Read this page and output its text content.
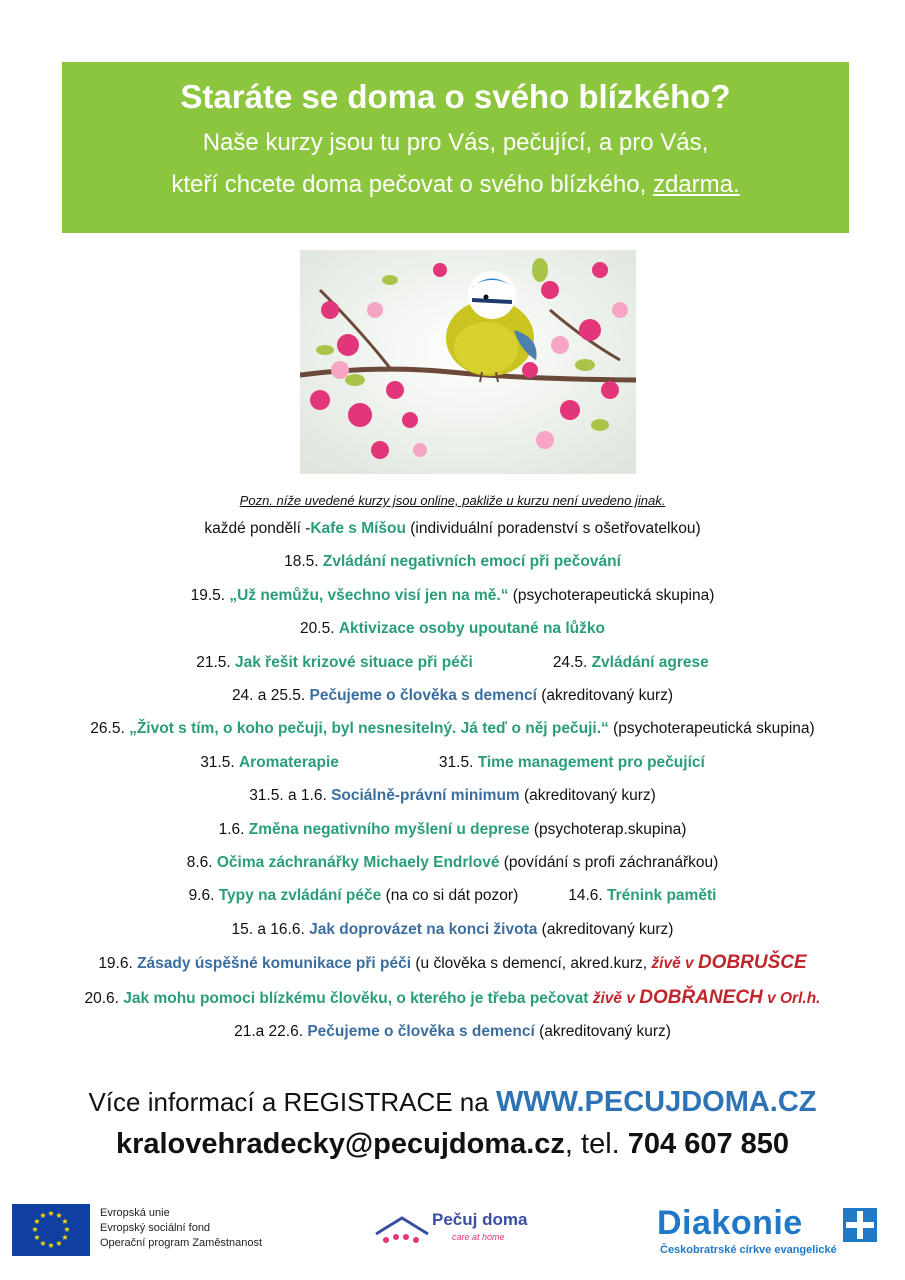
Staráte se doma o svého blízkého?
Naše kurzy jsou tu pro Vás, pečující, a pro Vás,
kteří chcete doma pečovat o svého blízkého, zdarma.
Pozn. níže uvedené kurzy jsou online, pakliže u kurzu není uvedeno jinak.
každé pondělí -Kafe s Míšou (individuální poradenství s ošetřovatelkou)
18.5. Zvládání negativních emocí při pečování
19.5. „Už nemůžu, všechno visí jen na mě.“ (psychoterapeutická skupina)
20.5. Aktivizace osoby upoutané na lůžko
21.5. Jak řešit krizové situace při péči	24.5. Zvládání agrese
24. a 25.5. Pečujeme o člověka s demencí (akreditovaný kurz)
26.5. „Život s tím, o koho pečuji, byl nesnesitelný. Já teď o něj pečuji.“ (psychoterapeutická skupina)
31.5. Aromaterapie	31.5. Time management pro pečující
31.5. a 1.6. Sociálně-právní minimum (akreditovaný kurz)
1.6. Změna negativního myšlení u deprese (psychoterap.skupina)
8.6. Očima záchranářky Michaely Endrlové (povídání s profi záchranářkou)
9.6. Typy na zvládání péče (na co si dát pozor)	14.6. Trénink paměti
15. a 16.6. Jak doprovázet na konci života (akreditovaný kurz)
19.6. Zásady úspěšné komunikace při péči (u člověka s demencí, akred.kurz, živě v DOBRUŠCE
20.6. Jak mohu pomoci blízkému člověku, o kterého je třeba pečovat živě v DOBŘANECH v Orl.h.
21.a 22.6. Pečujeme o člověka s demencí (akreditovaný kurz)
Více informací a REGISTRACE na WWW.PECUJDOMA.CZ
kralovehradecky@pecujdoma.cz, tel. 704 607 850
★ ★
★
★
★
★
★
★
★
★
★
★	Evropská unie
Evropský sociální fond
Operační program Zaměstnanost
Pečuj doma
care at home	Diakonie
Českobratrské církve evangelické
